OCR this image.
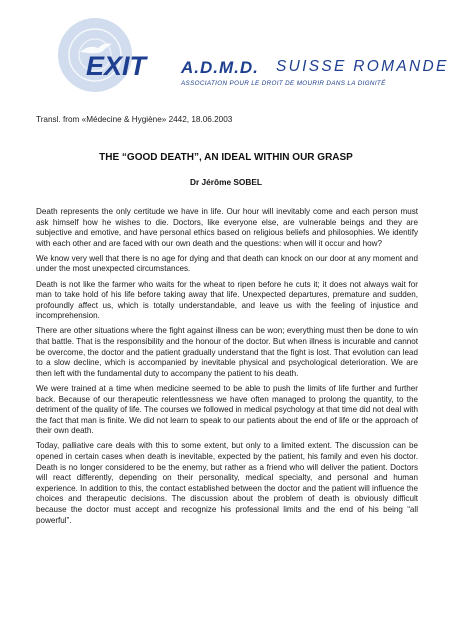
EXIT A.D.M.D. SUISSE ROMANDE
ASSOCIATION POUR LE DROIT DE MOURIR DANS LA DIGNITÉ
Transl. from «Médecine & Hygiène» 2442, 18.06.2003
THE “GOOD DEATH”, AN IDEAL WITHIN OUR GRASP
Dr Jérôme SOBEL

Death represents the only certitude we have in life. Our hour will inevitably come and each person must ask himself how he wishes to die. Doctors, like everyone else, are vulnerable beings and they are subjective and emotive, and have personal ethics based on religious beliefs and philosophies. We identify with each other and are faced with our own death and the questions: when will it occur and how?

We know very well that there is no age for dying and that death can knock on our door at any moment and under the most unexpected circumstances.

Death is not like the farmer who waits for the wheat to ripen before he cuts it; it does not always wait for man to take hold of his life before taking away that life. Unexpected departures, premature and sudden, profoundly affect us, which is totally understandable, and leave us with the feeling of injustice and incomprehension.

There are other situations where the fight against illness can be won; everything must then be done to win that battle. That is the responsibility and the honour of the doctor. But when illness is incurable and cannot be overcome, the doctor and the patient gradually understand that the fight is lost. That evolution can lead to a slow decline, which is accompanied by inevitable physical and psychological deterioration. We are then left with the fundamental duty to accompany the patient to his death.

We were trained at a time when medicine seemed to be able to push the limits of life further and further back. Because of our therapeutic relentlessness we have often managed to prolong the quantity, to the detriment of the quality of life. The courses we followed in medical psychology at that time did not deal with the fact that man is finite. We did not learn to speak to our patients about the end of life or the approach of their own death.

Today, palliative care deals with this to some extent, but only to a limited extent. The discussion can be opened in certain cases when death is inevitable, expected by the patient, his family and even his doctor. Death is no longer considered to be the enemy, but rather as a friend who will deliver the patient. Doctors will react differently, depending on their personality, medical specialty, and personal and human experience. In addition to this, the contact established between the doctor and the patient will influence the choices and therapeutic decisions. The discussion about the problem of death is obviously difficult because the doctor must accept and recognize his professional limits and the end of his being “all powerful”.
